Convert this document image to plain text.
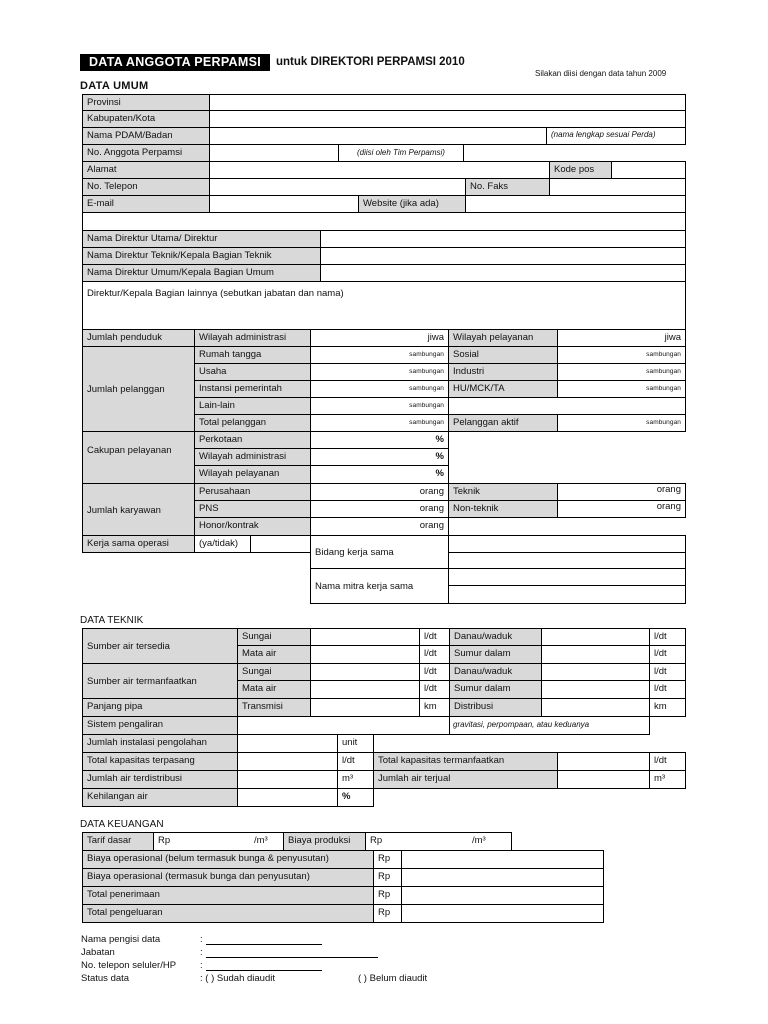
DATA ANGGOTA PERPAMSI	untuk DIREKTORI PERPAMSI 2010
Silakan diisi dengan data tahun 2009
DATA UMUM
Provinsi
Kabupaten/Kota
Nama PDAM/Badan	(nama lengkap sesuai Perda)
No. Anggota Perpamsi	(diisi oleh Tim Perpamsi)
Alamat	Kode pos
No. Telepon	No. Faks
E-mail	Website (jika ada)
Nama Direktur Utama/ Direktur
Nama Direktur Teknik/Kepala Bagian Teknik
Nama Direktur Umum/Kepala Bagian Umum
Direktur/Kepala Bagian lainnya (sebutkan jabatan dan nama)
Jumlah penduduk	Wilayah administrasi	jiwa Wilayah pelayanan	jiwa
Jumlah pelanggan
Rumah tangga	sambungan Sosial	sambungan
Usaha	sambungan Industri	sambungan
Instansi pemerintah	sambungan HU/MCK/TA	sambungan
Lain-lain	sambungan
Total pelanggan	sambungan Pelanggan aktif	sambungan
Cakupan pelayanan
Perkotaan	%
Wilayah administrasi	%
Wilayah pelayanan	%
Jumlah karyawan
Perusahaan	orang Teknik	orang
PNS	orang Non-teknik	orang
Honor/kontrak	orang
Kerja sama operasi	(ya/tidak)
Bidang kerja sama
Nama mitra kerja sama
DATA TEKNIK
Sumber air tersedia
Sungai	l/dt	Danau/waduk	l/dt
Mata air	l/dt	Sumur dalam	l/dt
Sumber air termanfaatkan
Sungai	l/dt	Danau/waduk	l/dt
Mata air	l/dt	Sumur dalam	l/dt
Panjang pipa	Transmisi	km	Distribusi	km
Sistem pengaliran	gravitasi, perpompaan, atau keduanya
Jumlah instalasi pengolahan	unit
Total kapasitas terpasang	l/dt	Total kapasitas termanfaatkan	l/dt
Jumlah air terdistribusi	m³	Jumlah air terjual	m³
Kehilangan air	%
DATA KEUANGAN
Tarif dasar	Rp	/m³	Biaya produksi	Rp	/m³
Biaya operasional (belum termasuk bunga & penyusutan)	Rp
Biaya operasional (termasuk bunga dan penyusutan)	Rp
Total penerimaan	Rp
Total pengeluaran	Rp
Nama pengisi data	:
Jabatan	:
No. telepon seluler/HP	:
Status data	: ( ) Sudah diaudit	( ) Belum diaudit
